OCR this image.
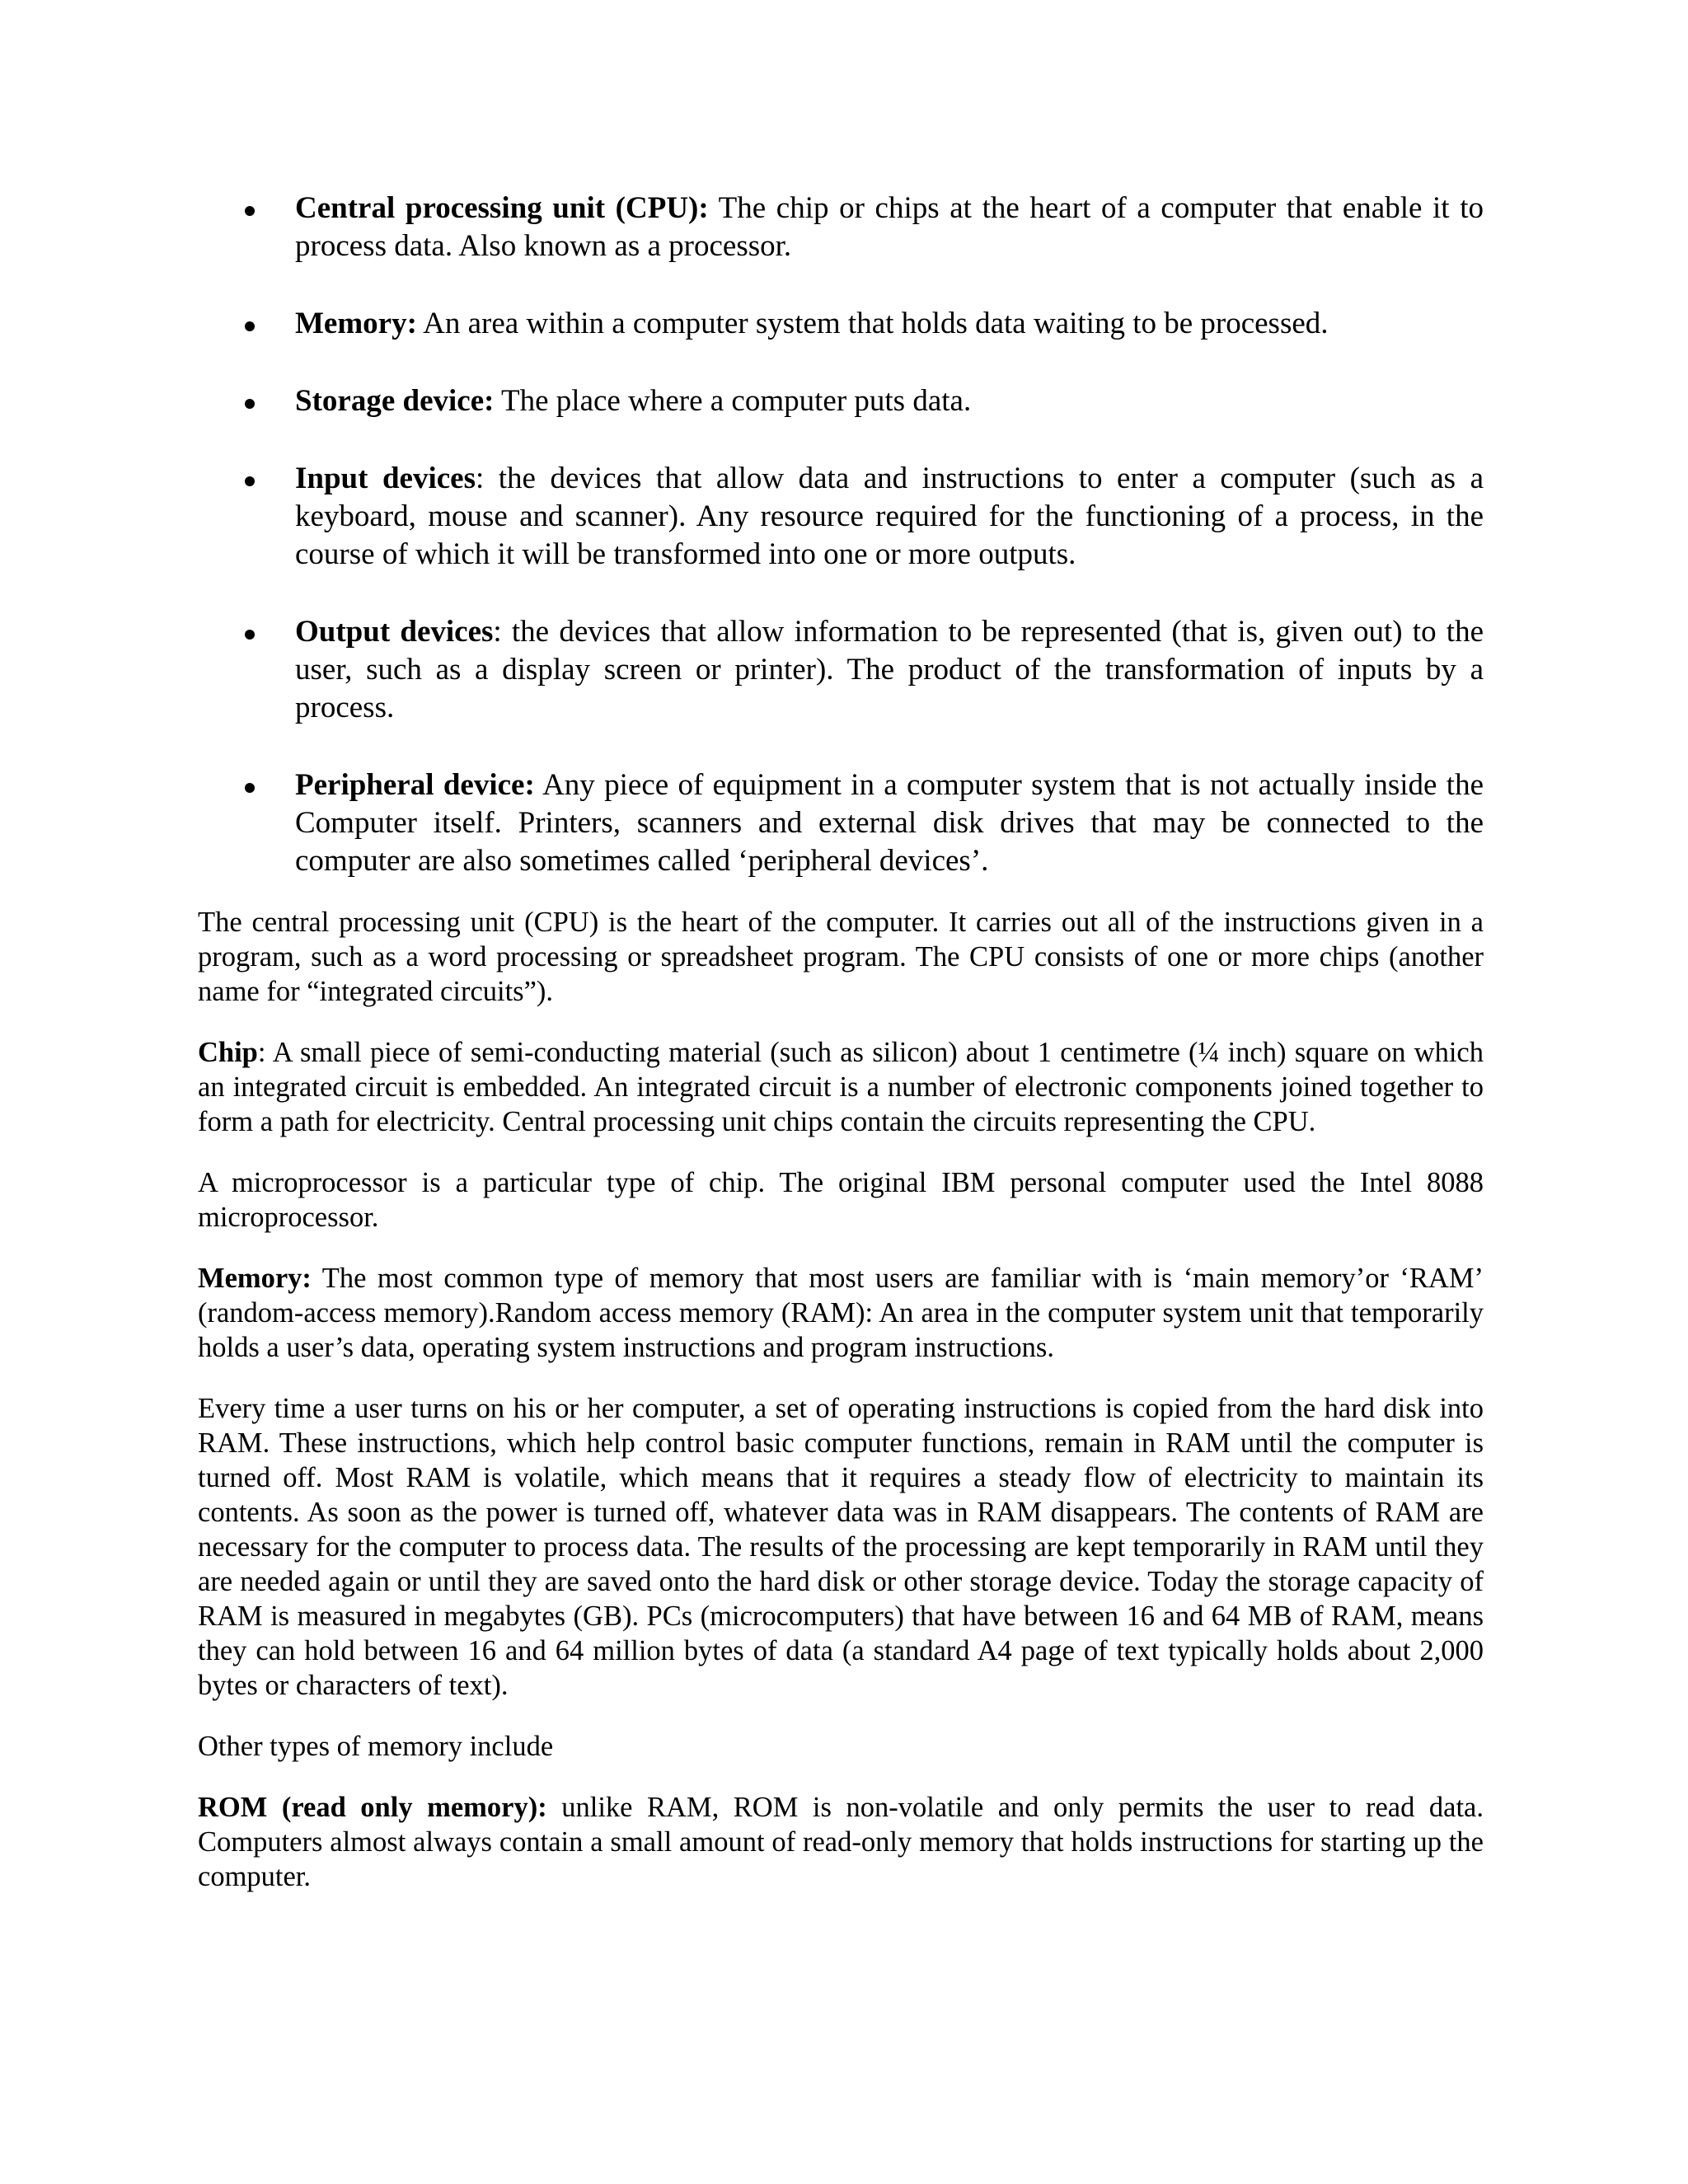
Central processing unit (CPU): The chip or chips at the heart of a computer that enable it to process data. Also known as a processor.
Memory: An area within a computer system that holds data waiting to be processed.
Storage device: The place where a computer puts data.
Input devices: the devices that allow data and instructions to enter a computer (such as a keyboard, mouse and scanner). Any resource required for the functioning of a process, in the course of which it will be transformed into one or more outputs.
Output devices: the devices that allow information to be represented (that is, given out) to the user, such as a display screen or printer). The product of the transformation of inputs by a process.
Peripheral device: Any piece of equipment in a computer system that is not actually inside the Computer itself. Printers, scanners and external disk drives that may be connected to the computer are also sometimes called ‘peripheral devices’.

The central processing unit (CPU) is the heart of the computer. It carries out all of the instructions given in a program, such as a word processing or spreadsheet program. The CPU consists of one or more chips (another name for “integrated circuits”).

Chip: A small piece of semi-conducting material (such as silicon) about 1 centimetre (¼ inch) square on which an integrated circuit is embedded. An integrated circuit is a number of electronic components joined together to form a path for electricity. Central processing unit chips contain the circuits representing the CPU.

A microprocessor is a particular type of chip. The original IBM personal computer used the Intel 8088 microprocessor.

Memory: The most common type of memory that most users are familiar with is ‘main memory’or ‘RAM’ (random-access memory).Random access memory (RAM): An area in the computer system unit that temporarily holds a user’s data, operating system instructions and program instructions.

Every time a user turns on his or her computer, a set of operating instructions is copied from the hard disk into RAM. These instructions, which help control basic computer functions, remain in RAM until the computer is turned off. Most RAM is volatile, which means that it requires a steady flow of electricity to maintain its contents. As soon as the power is turned off, whatever data was in RAM disappears. The contents of RAM are necessary for the computer to process data. The results of the processing are kept temporarily in RAM until they are needed again or until they are saved onto the hard disk or other storage device. Today the storage capacity of RAM is measured in megabytes (GB). PCs (microcomputers) that have between 16 and 64 MB of RAM, means they can hold between 16 and 64 million bytes of data (a standard A4 page of text typically holds about 2,000 bytes or characters of text).

Other types of memory include

ROM (read only memory): unlike RAM, ROM is non-volatile and only permits the user to read data. Computers almost always contain a small amount of read-only memory that holds instructions for starting up the computer.
